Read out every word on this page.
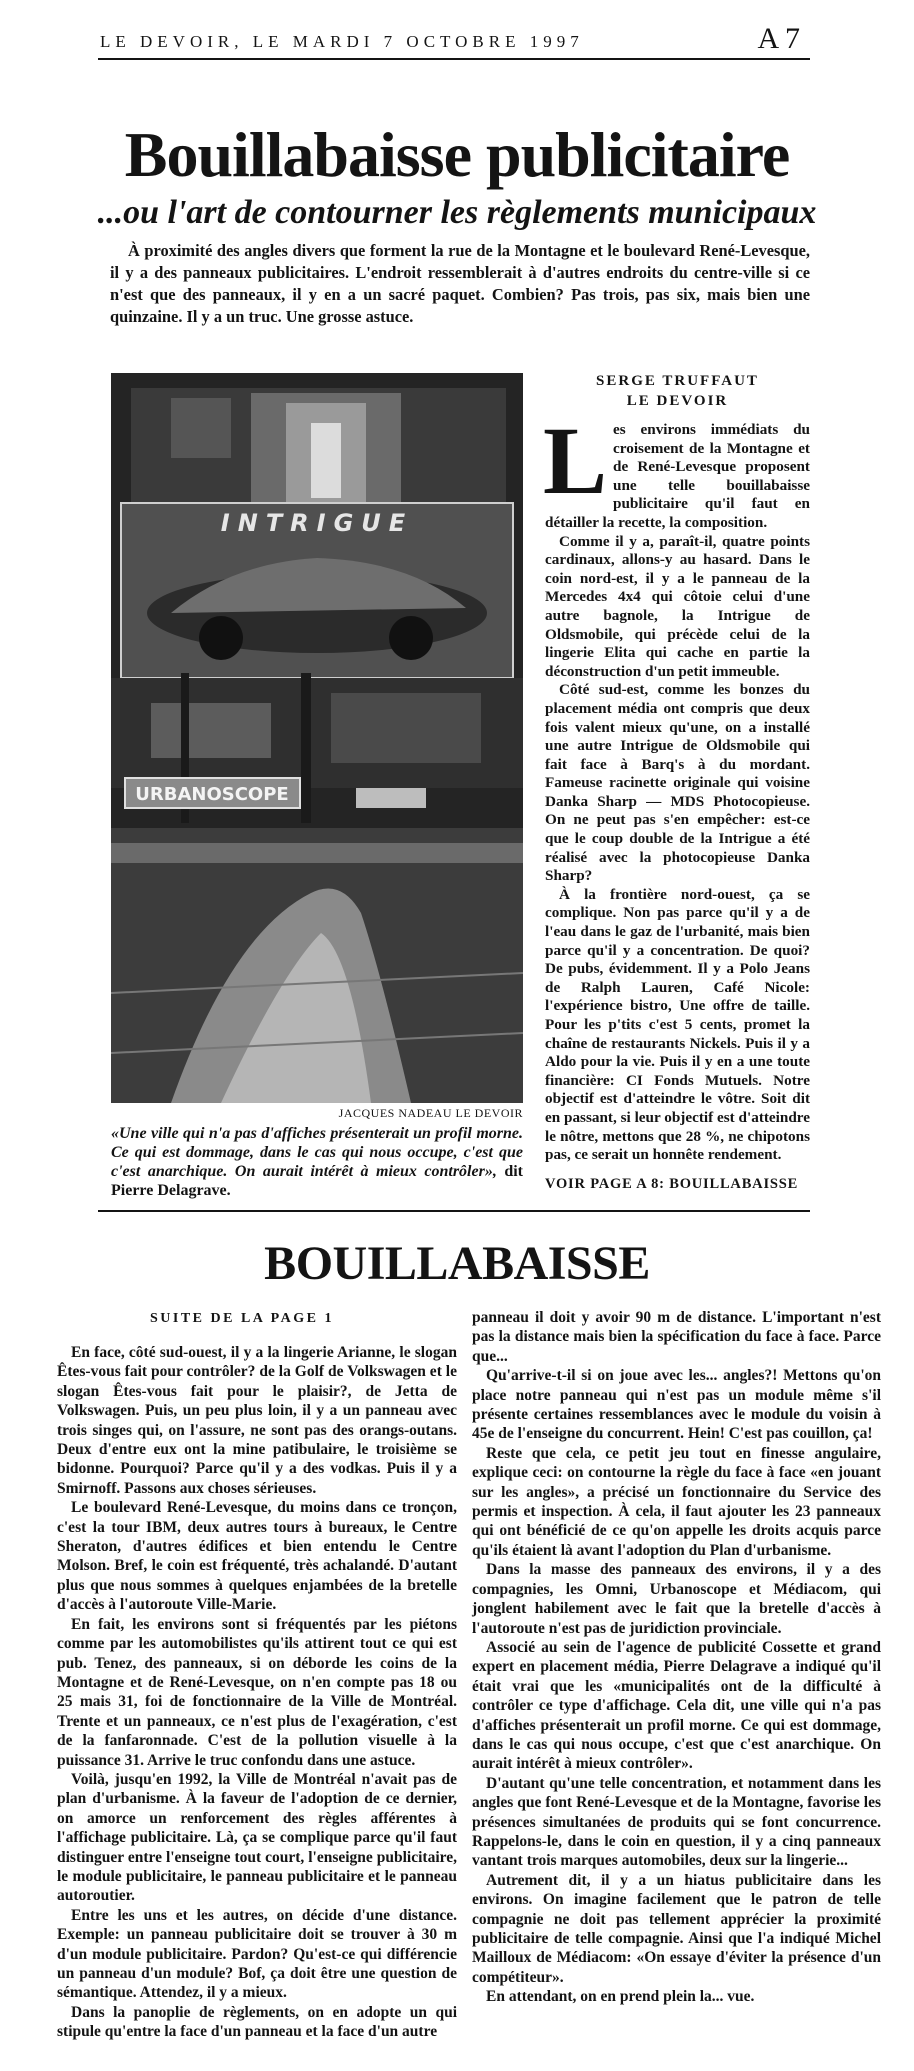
LE DEVOIR, LE MARDI 7 OCTOBRE 1997	A 7
Bouillabaisse publicitaire
...ou l'art de contourner les règlements municipaux

À proximité des angles divers que forment la rue de la Montagne et le boulevard René-Levesque, il y a des panneaux publicitaires. L'endroit ressemblerait à d'autres endroits du centre-ville si ce n'est que des panneaux, il y en a un sacré paquet. Combien? Pas trois, pas six, mais bien une quinzaine. Il y a un truc. Une grosse astuce.

INTRIGUE
URBANOSCOPE
JACQUES NADEAU LE DEVOIR

«Une ville qui n'a pas d'affiches présenterait un profil morne. Ce qui est dommage, dans le cas qui nous occupe, c'est que c'est anarchique. On aurait intérêt à mieux contrôler», dit Pierre Delagrave.

SERGE TRUFFAUT
LE DEVOIR

Les environs immédiats du croisement de la Montagne et de René-Levesque proposent une telle bouillabaisse publicitaire qu'il faut en détailler la recette, la composition.

Comme il y a, paraît-il, quatre points cardinaux, allons-y au hasard. Dans le coin nord-est, il y a le panneau de la Mercedes 4x4 qui côtoie celui d'une autre bagnole, la Intrigue de Oldsmobile, qui précède celui de la lingerie Elita qui cache en partie la déconstruction d'un petit immeuble.

Côté sud-est, comme les bonzes du placement média ont compris que deux fois valent mieux qu'une, on a installé une autre Intrigue de Oldsmobile qui fait face à Barq's à du mordant. Fameuse racinette originale qui voisine Danka Sharp — MDS Photocopieuse. On ne peut pas s'en empêcher: est-ce que le coup double de la Intrigue a été réalisé avec la photocopieuse Danka Sharp?

À la frontière nord-ouest, ça se complique. Non pas parce qu'il y a de l'eau dans le gaz de l'urbanité, mais bien parce qu'il y a concentration. De quoi? De pubs, évidemment. Il y a Polo Jeans de Ralph Lauren, Café Nicole: l'expérience bistro, Une offre de taille. Pour les p'tits c'est 5 cents, promet la chaîne de restaurants Nickels. Puis il y a Aldo pour la vie. Puis il y en a une toute financière: CI Fonds Mutuels. Notre objectif est d'atteindre le vôtre. Soit dit en passant, si leur objectif est d'atteindre le nôtre, mettons que 28 %, ne chipotons pas, ce serait un honnête rendement.

VOIR PAGE A 8: BOUILLABAISSE
BOUILLABAISSE
SUITE DE LA PAGE 1

En face, côté sud-ouest, il y a la lingerie Arianne, le slogan Êtes-vous fait pour contrôler? de la Golf de Volkswagen et le slogan Êtes-vous fait pour le plaisir?, de Jetta de Volkswagen. Puis, un peu plus loin, il y a un panneau avec trois singes qui, on l'assure, ne sont pas des orangs-outans. Deux d'entre eux ont la mine patibulaire, le troisième se bidonne. Pourquoi? Parce qu'il y a des vodkas. Puis il y a Smirnoff. Passons aux choses sérieuses.

Le boulevard René-Levesque, du moins dans ce tronçon, c'est la tour IBM, deux autres tours à bureaux, le Centre Sheraton, d'autres édifices et bien entendu le Centre Molson. Bref, le coin est fréquenté, très achalandé. D'autant plus que nous sommes à quelques enjambées de la bretelle d'accès à l'autoroute Ville-Marie.

En fait, les environs sont si fréquentés par les piétons comme par les automobilistes qu'ils attirent tout ce qui est pub. Tenez, des panneaux, si on déborde les coins de la Montagne et de René-Levesque, on n'en compte pas 18 ou 25 mais 31, foi de fonctionnaire de la Ville de Montréal. Trente et un panneaux, ce n'est plus de l'exagération, c'est de la fanfaronnade. C'est de la pollution visuelle à la puissance 31. Arrive le truc confondu dans une astuce.

Voilà, jusqu'en 1992, la Ville de Montréal n'avait pas de plan d'urbanisme. À la faveur de l'adoption de ce dernier, on amorce un renforcement des règles afférentes à l'affichage publicitaire. Là, ça se complique parce qu'il faut distinguer entre l'enseigne tout court, l'enseigne publicitaire, le module publicitaire, le panneau publicitaire et le panneau autoroutier.

Entre les uns et les autres, on décide d'une distance. Exemple: un panneau publicitaire doit se trouver à 30 m d'un module publicitaire. Pardon? Qu'est-ce qui différencie un panneau d'un module? Bof, ça doit être une question de sémantique. Attendez, il y a mieux.

Dans la panoplie de règlements, on en adopte un qui stipule qu'entre la face d'un panneau et la face d'un autre

panneau il doit y avoir 90 m de distance. L'important n'est pas la distance mais bien la spécification du face à face. Parce que...

Qu'arrive-t-il si on joue avec les... angles?! Mettons qu'on place notre panneau qui n'est pas un module même s'il présente certaines ressemblances avec le module du voisin à 45e de l'enseigne du concurrent. Hein! C'est pas couillon, ça!

Reste que cela, ce petit jeu tout en finesse angulaire, explique ceci: on contourne la règle du face à face «en jouant sur les angles», a précisé un fonctionnaire du Service des permis et inspection. À cela, il faut ajouter les 23 panneaux qui ont bénéficié de ce qu'on appelle les droits acquis parce qu'ils étaient là avant l'adoption du Plan d'urbanisme.

Dans la masse des panneaux des environs, il y a des compagnies, les Omni, Urbanoscope et Médiacom, qui jonglent habilement avec le fait que la bretelle d'accès à l'autoroute n'est pas de juridiction provinciale.

Associé au sein de l'agence de publicité Cossette et grand expert en placement média, Pierre Delagrave a indiqué qu'il était vrai que les «municipalités ont de la difficulté à contrôler ce type d'affichage. Cela dit, une ville qui n'a pas d'affiches présenterait un profil morne. Ce qui est dommage, dans le cas qui nous occupe, c'est que c'est anarchique. On aurait intérêt à mieux contrôler».

D'autant qu'une telle concentration, et notamment dans les angles que font René-Levesque et de la Montagne, favorise les présences simultanées de produits qui se font concurrence. Rappelons-le, dans le coin en question, il y a cinq panneaux vantant trois marques automobiles, deux sur la lingerie...

Autrement dit, il y a un hiatus publicitaire dans les environs. On imagine facilement que le patron de telle compagnie ne doit pas tellement apprécier la proximité publicitaire de telle compagnie. Ainsi que l'a indiqué Michel Mailloux de Médiacom: «On essaye d'éviter la présence d'un compétiteur».

En attendant, on en prend plein la... vue.
